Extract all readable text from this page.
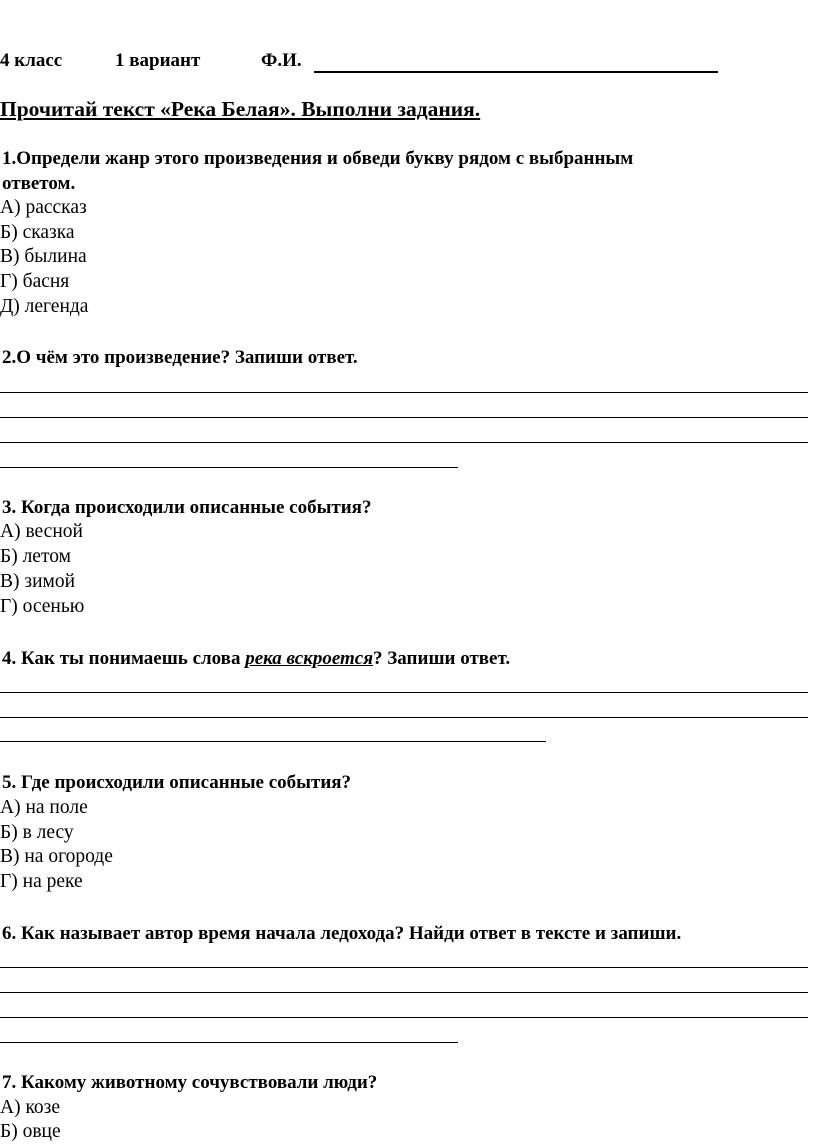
4 класс	1 вариант	Ф.И.
Прочитай текст «Река Белая». Выполни задания.
1.Определи жанр этого произведения и обведи букву рядом с выбранным
ответом.
А) рассказ
Б) сказка
В) былина
Г) басня
Д) легенда
2.О чём это произведение? Запиши ответ.
3. Когда происходили описанные события?
А) весной
Б) летом
В) зимой
Г) осенью
4. Как ты понимаешь слова река вскроется? Запиши ответ.
5. Где происходили описанные события?
А) на поле
Б) в лесу
В) на огороде
Г) на реке
6. Как называет автор время начала ледохода? Найди ответ в тексте и запиши.
7. Какому животному сочувствовали люди?
А) козе
Б) овце
